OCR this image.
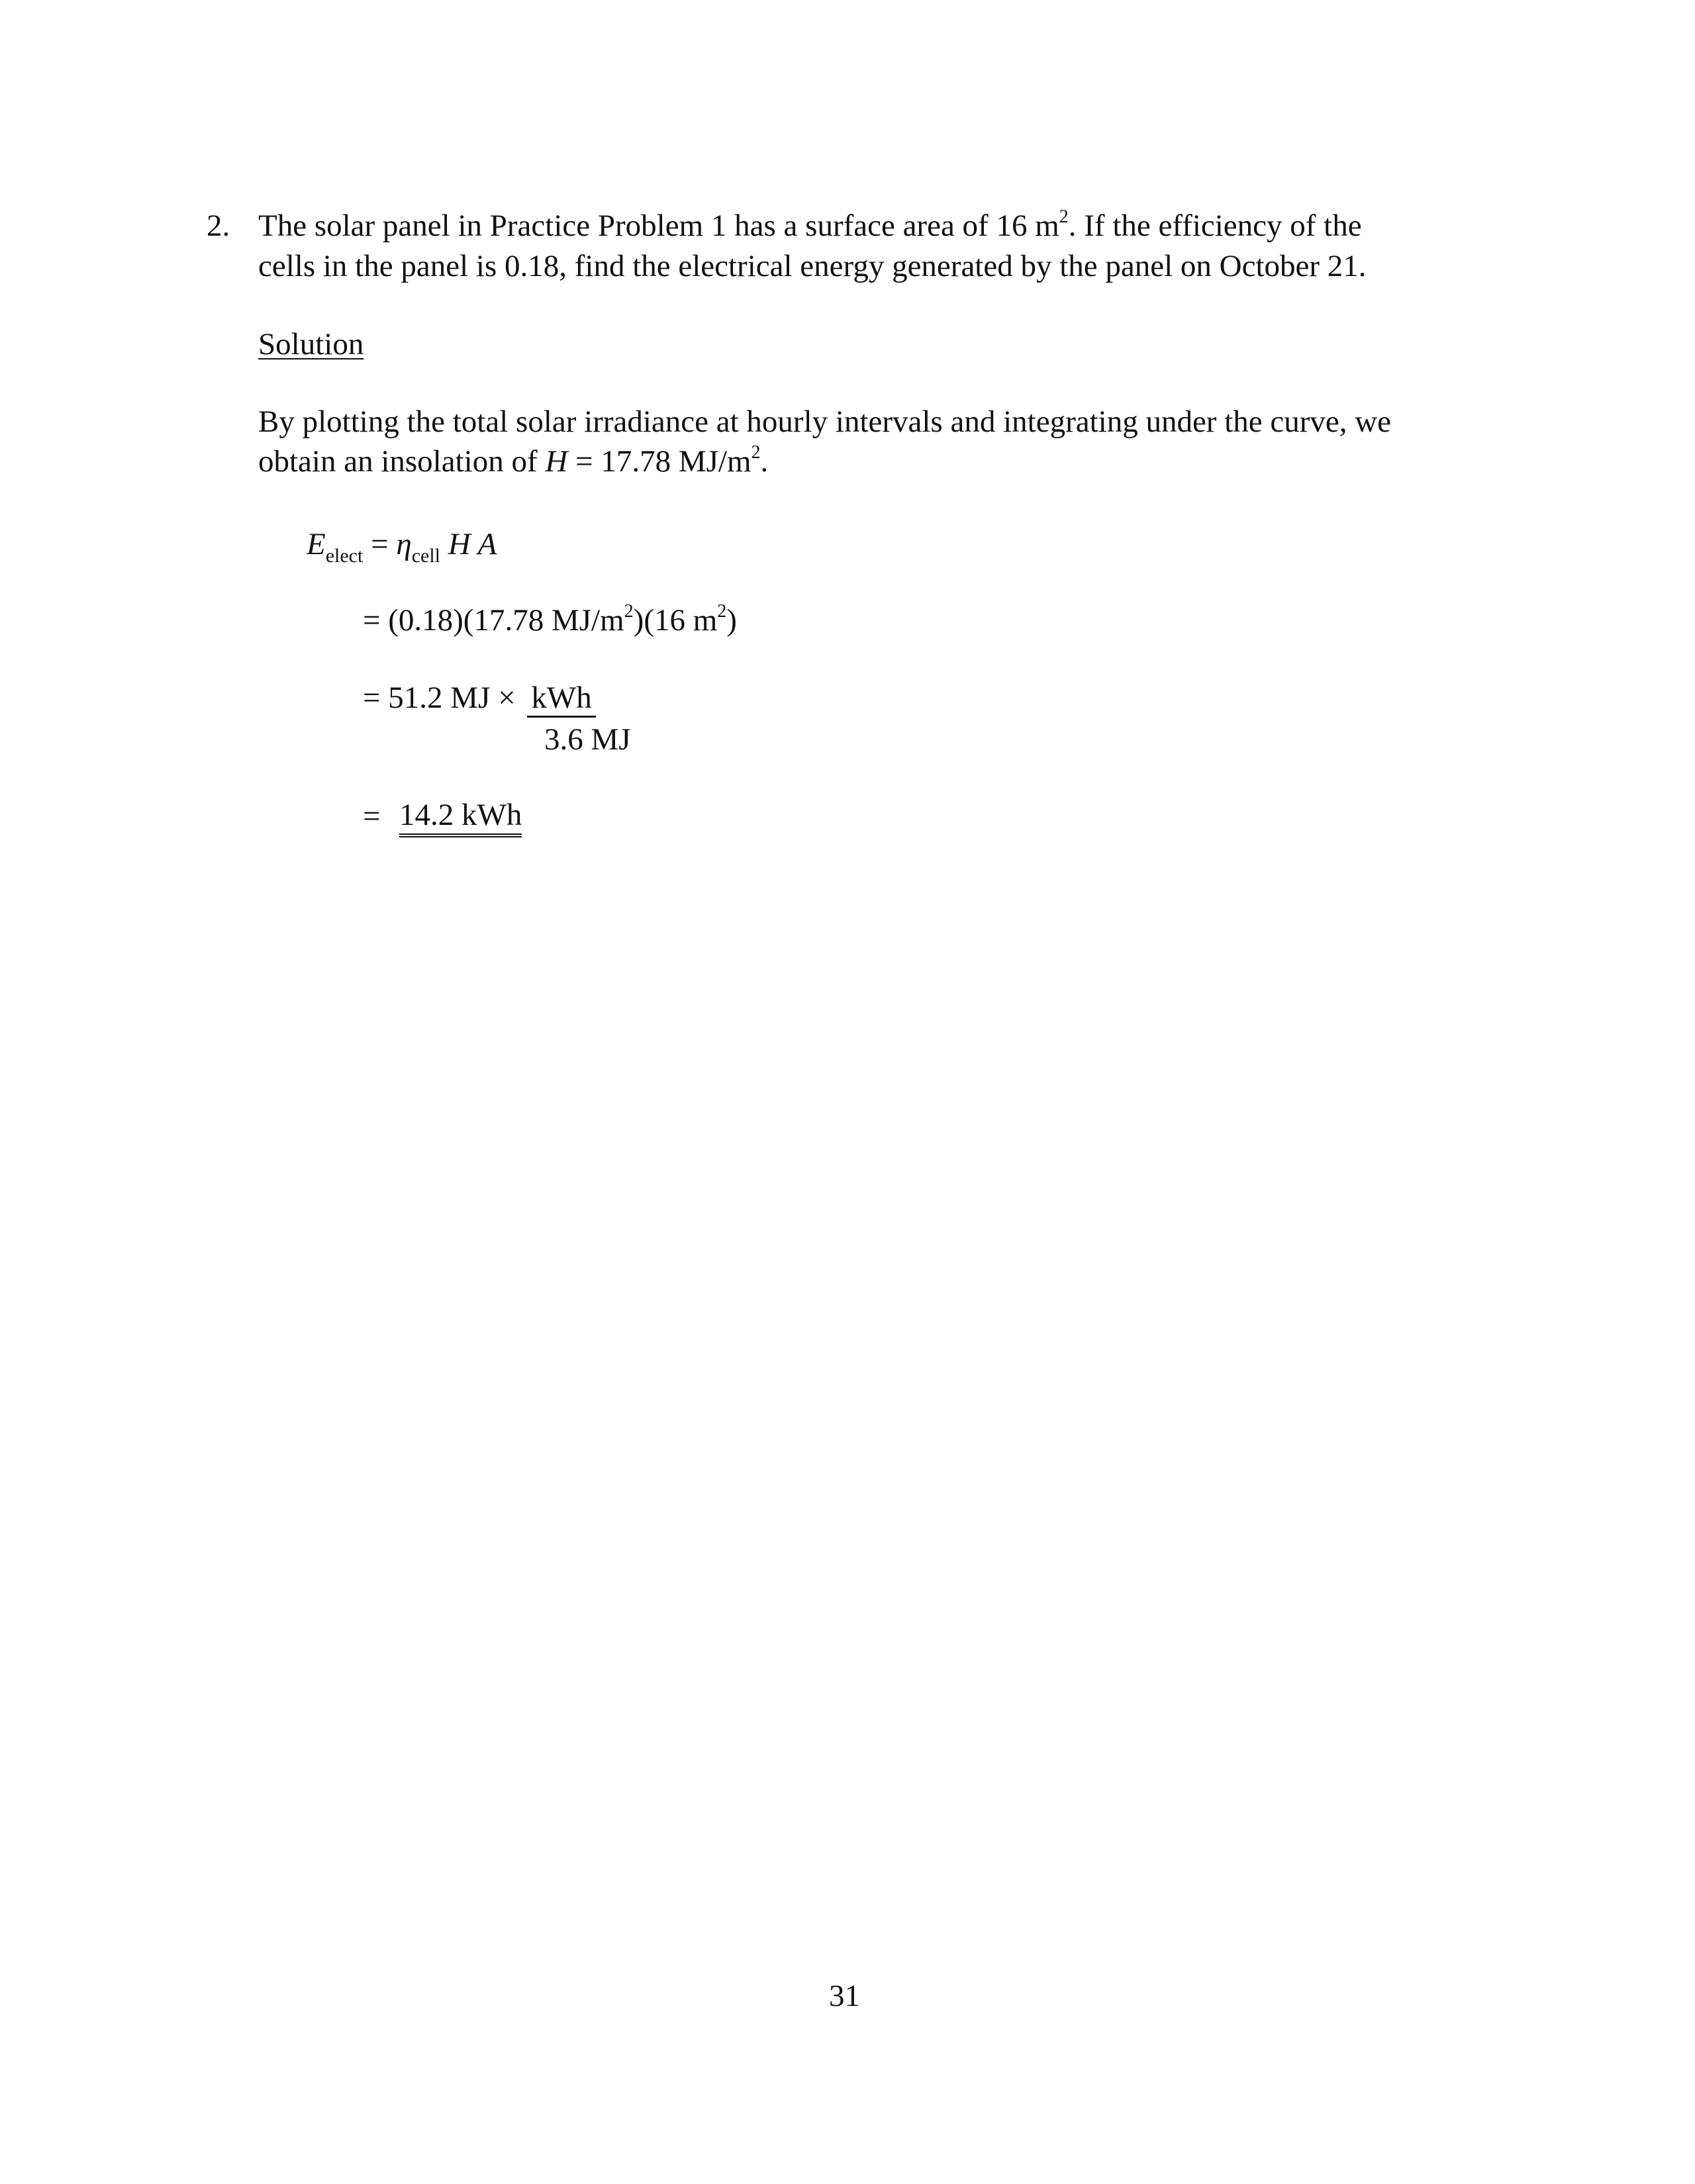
2. The solar panel in Practice Problem 1 has a surface area of 16 $m^2$. If the efficiency of the
cells in the panel is 0.18, find the electrical energy generated by the panel on October 21.
Solution
By plotting the total solar irradiance at hourly intervals and integrating under the curve, we
obtain an insolation of H = 17.78 $MJ/m^2$.
$E_{elect} = \eta_{cell}$ H A
= (0.18)(17.78 $MJ/m^2)(16$ $m^2$)
= 51.2 MJ × kWh
3.6 MJ
= 14.2 kWh
31
